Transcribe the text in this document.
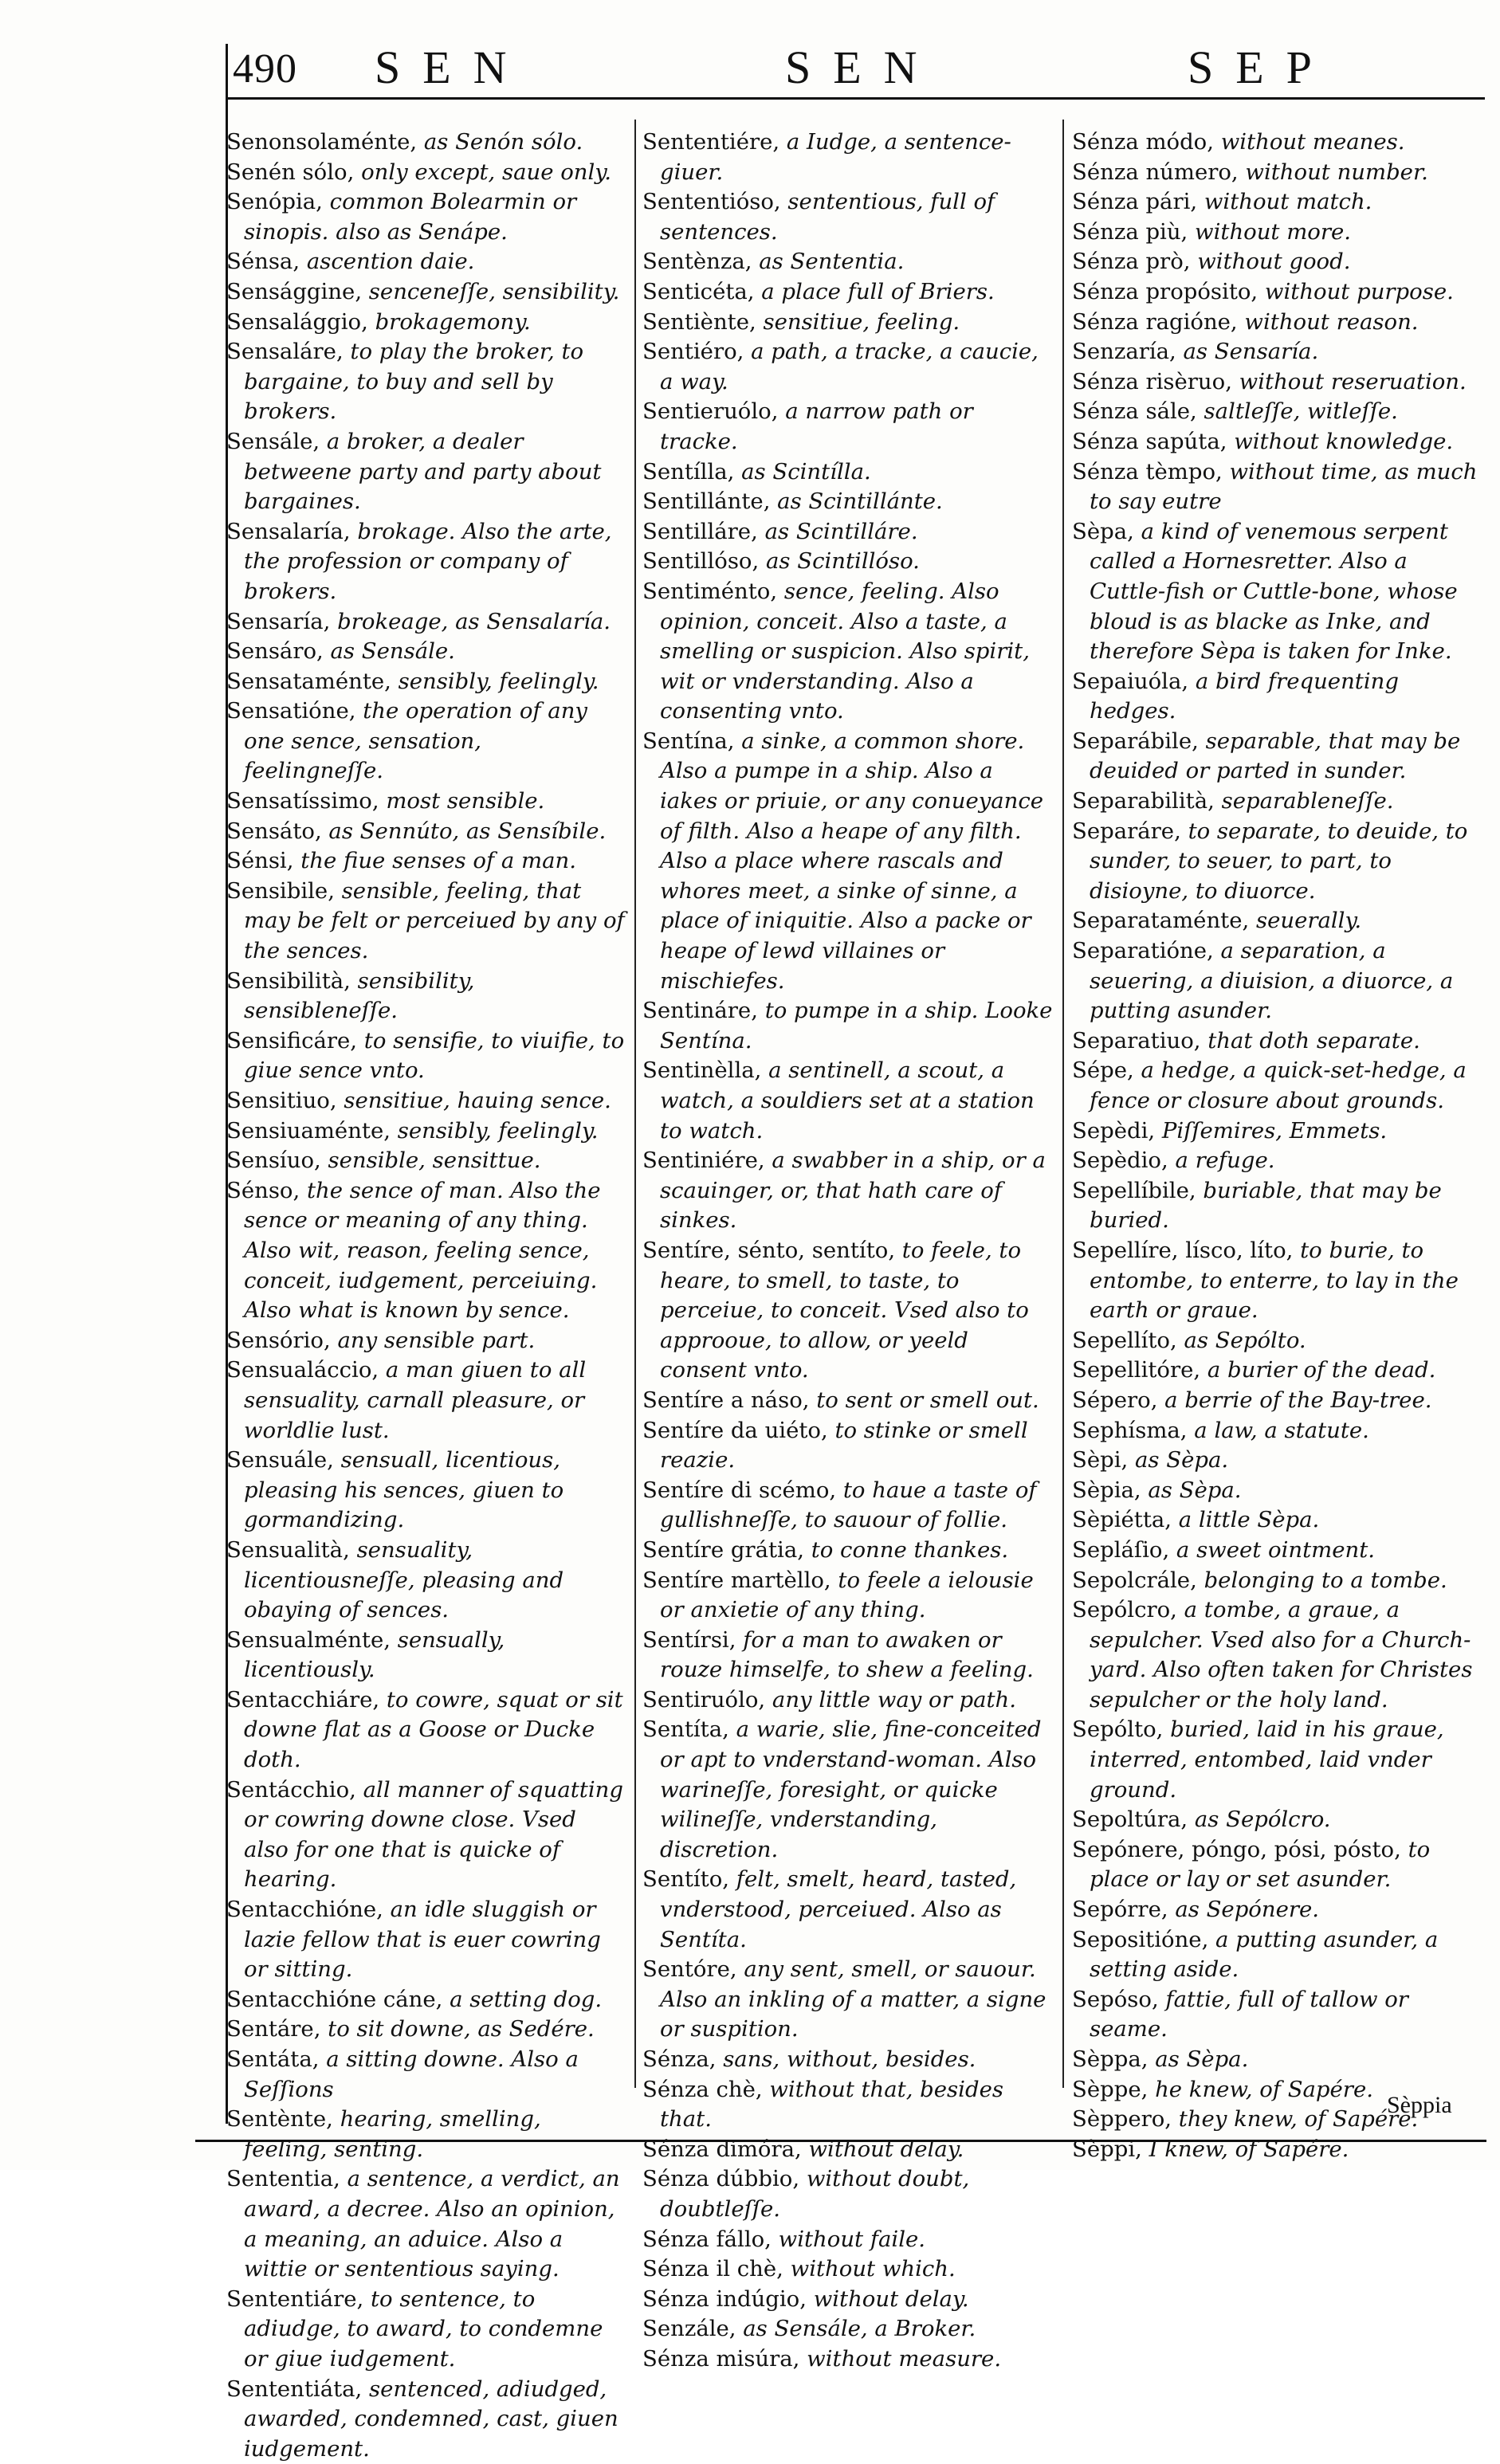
490 SEN	SEN	SEP

Senonsolaménte, as Senón sólo.

Senén sólo, only except, saue only.

Senópia, common Bolearmin or sinopis. also as Senápe.

Sénsa, ascention daie.

Sensággine, senceneſſe, sensibility.

Sensalággio, brokagemony.

Sensaláre, to play the broker, to bargaine, to buy and sell by brokers.

Sensále, a broker, a dealer betweene party and party about bargaines.

Sensalaría, brokage. Also the arte, the profession or company of brokers.

Sensaría, brokeage, as Sensalaría.

Sensáro, as Sensále.

Sensataménte, sensibly, feelingly.

Sensatióne, the operation of any one sence, sensation, feelingneſſe.

Sensatíssimo, most sensible.

Sensáto, as Sennúto, as Sensíbile.

Sénsi, the fiue senses of a man.

Sensibile, sensible, feeling, that may be felt or perceiued by any of the sences.

Sensibilità, sensibility, sensibleneſſe.

Sensificáre, to sensifie, to viuifie, to giue sence vnto.

Sensitiuo, sensitiue, hauing sence.

Sensiuaménte, sensibly, feelingly.

Sensíuo, sensible, sensittue.

Sénso, the sence of man. Also the sence or meaning of any thing. Also wit, reason, feeling sence, conceit, iudgement, perceiuing. Also what is known by sence.

Sensório, any sensible part.

Sensualáccio, a man giuen to all sensuality, carnall pleasure, or worldlie lust.

Sensuále, sensuall, licentious, pleasing his sences, giuen to gormandizing.

Sensualità, sensuality, licentiousneſſe, pleasing and obaying of sences.

Sensualménte, sensually, licentiously.

Sentacchiáre, to cowre, squat or sit downe flat as a Goose or Ducke doth.

Sentácchio, all manner of squatting or cowring downe close. Vsed also for one that is quicke of hearing.

Sentacchióne, an idle sluggish or lazie fellow that is euer cowring or sitting.

Sentacchióne cáne, a setting dog.

Sentáre, to sit downe, as Sedére.

Sentáta, a sitting downe. Also a Seſſions

Sentènte, hearing, smelling, feeling, senting.

Sententia, a sentence, a verdict, an award, a decree. Also an opinion, a meaning, an aduice. Also a wittie or sententious saying.

Sententiáre, to sentence, to adiudge, to award, to condemne or giue iudgement.

Sententiáta, sentenced, adiudged, awarded, condemned, cast, giuen iudgement.

Sententiére, a Iudge, a sentence-giuer.

Sententióso, sententious, full of sentences.

Sentènza, as Sententia.

Senticéta, a place full of Briers.

Sentiènte, sensitiue, feeling.

Sentiéro, a path, a tracke, a caucie, a way.

Sentieruólo, a narrow path or tracke.

Sentílla, as Scintílla.

Sentillánte, as Scintillánte.

Sentilláre, as Scintilláre.

Sentillóso, as Scintillóso.

Sentiménto, sence, feeling. Also opinion, conceit. Also a taste, a smelling or suspicion. Also spirit, wit or vnderstanding. Also a consenting vnto.

Sentína, a sinke, a common shore. Also a pumpe in a ship. Also a iakes or priuie, or any conueyance of filth. Also a heape of any filth. Also a place where rascals and whores meet, a sinke of sinne, a place of iniquitie. Also a packe or heape of lewd villaines or mischiefes.

Sentináre, to pumpe in a ship. Looke Sentína.

Sentinèlla, a sentinell, a scout, a watch, a souldiers set at a station to watch.

Sentiniére, a swabber in a ship, or a scauinger, or, that hath care of sinkes.

Sentíre, sénto, sentíto, to feele, to heare, to smell, to taste, to perceiue, to conceit. Vsed also to approoue, to allow, or yeeld consent vnto.

Sentíre a náso, to sent or smell out.

Sentíre da uiéto, to stinke or smell reazie.

Sentíre di scémo, to haue a taste of gullishneſſe, to sauour of follie.

Sentíre grátia, to conne thankes.

Sentíre martèllo, to feele a ielousie or anxietie of any thing.

Sentírsi, for a man to awaken or rouze himselfe, to shew a feeling.

Sentiruólo, any little way or path.

Sentíta, a warie, slie, fine-conceited or apt to vnderstand-woman. Also warineſſe, foresight, or quicke wilineſſe, vnderstanding, discretion.

Sentíto, felt, smelt, heard, tasted, vnderstood, perceiued. Also as Sentíta.

Sentóre, any sent, smell, or sauour. Also an inkling of a matter, a signe or suspition.

Sénza, sans, without, besides.

Sénza chè, without that, besides that.

Sénza dimóra, without delay.

Sénza dúbbio, without doubt, doubtleſſe.

Sénza fállo, without faile.

Sénza il chè, without which.

Sénza indúgio, without delay.

Senzále, as Sensále, a Broker.

Sénza misúra, without measure.

Sénza módo, without meanes.

Sénza número, without number.

Sénza pári, without match.

Sénza più, without more.

Sénza prò, without good.

Sénza propósito, without purpose.

Sénza ragióne, without reason.

Senzaría, as Sensaría.

Sénza risèruo, without reseruation.

Sénza sále, saltleſſe, witleſſe.

Sénza sapúta, without knowledge.

Sénza tèmpo, without time, as much to say eutre

Sèpa, a kind of venemous serpent called a Hornesretter. Also a Cuttle-fish or Cuttle-bone, whose bloud is as blacke as Inke, and therefore Sèpa is taken for Inke.

Sepaiuóla, a bird frequenting hedges.

Separábile, separable, that may be deuided or parted in sunder.

Separabilità, separableneſſe.

Separáre, to separate, to deuide, to sunder, to seuer, to part, to disioyne, to diuorce.

Separataménte, seuerally.

Separatióne, a separation, a seuering, a diuision, a diuorce, a putting asunder.

Separatiuo, that doth separate.

Sépe, a hedge, a quick-set-hedge, a fence or closure about grounds.

Sepèdi, Piſſemires, Emmets.

Sepèdio, a refuge.

Sepellíbile, buriable, that may be buried.

Sepellíre, lísco, líto, to burie, to entombe, to enterre, to lay in the earth or graue.

Sepellíto, as Sepólto.

Sepellitóre, a burier of the dead.

Sépero, a berrie of the Bay-tree.

Sephísma, a law, a statute.

Sèpi, as Sèpa.

Sèpia, as Sèpa.

Sèpiétta, a little Sèpa.

Sepláſio, a sweet ointment.

Sepolcrále, belonging to a tombe.

Sepólcro, a tombe, a graue, a sepulcher. Vsed also for a Church-yard. Also often taken for Christes sepulcher or the holy land.

Sepólto, buried, laid in his graue, interred, entombed, laid vnder ground.

Sepoltúra, as Sepólcro.

Sepónere, póngo, pósi, pósto, to place or lay or set asunder.

Sepórre, as Sepónere.

Sepositióne, a putting asunder, a setting aside.

Sepóso, fattie, full of tallow or seame.

Sèppa, as Sèpa.

Sèppe, he knew, of Sapére.

Sèppero, they knew, of Sapére.

Sèppi, I knew, of Sapére.

Sèppia
